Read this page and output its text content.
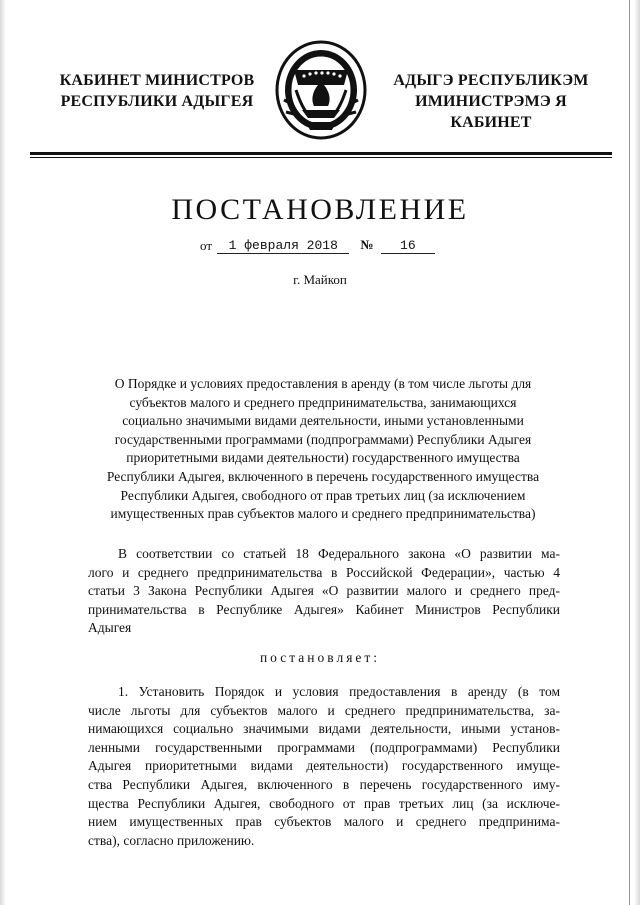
КАБИНЕТ МИНИСТРОВ
РЕСПУБЛИКИ АДЫГЕЯ
АДЫГЭ РЕСПУБЛИКЭМ
ИМИНИСТРЭМЭ Я КАБИНЕТ
ПОСТАНОВЛЕНИЕ
от 1 февраля 2018 № 16
г. Майкоп
О Порядке и условиях предоставления в аренду (в том числе льготы для
субъектов малого и среднего предпринимательства, занимающихся
социально значимыми видами деятельности, иными установленными
государственными программами (подпрограммами) Республики Адыгея
приоритетными видами деятельности) государственного имущества
Республики Адыгея, включенного в перечень государственного имущества
Республики Адыгея, свободного от прав третьих лиц (за исключением
имущественных прав субъектов малого и среднего предпринимательства)
В соответствии со статьей 18 Федерального закона «О развитии ма-
лого и среднего предпринимательства в Российской Федерации», частью 4
статьи 3 Закона Республики Адыгея «О развитии малого и среднего пред-
принимательства в Республике Адыгея» Кабинет Министров Республики
Адыгея
постановляет:
1. Установить Порядок и условия предоставления в аренду (в том
числе льготы для субъектов малого и среднего предпринимательства, за-
нимающихся социально значимыми видами деятельности, иными установ-
ленными государственными программами (подпрограммами) Республики
Адыгея приоритетными видами деятельности) государственного имуще-
ства Республики Адыгея, включенного в перечень государственного иму-
щества Республики Адыгея, свободного от прав третьих лиц (за исключе-
нием имущественных прав субъектов малого и среднего предпринима-
ства), согласно приложению.
